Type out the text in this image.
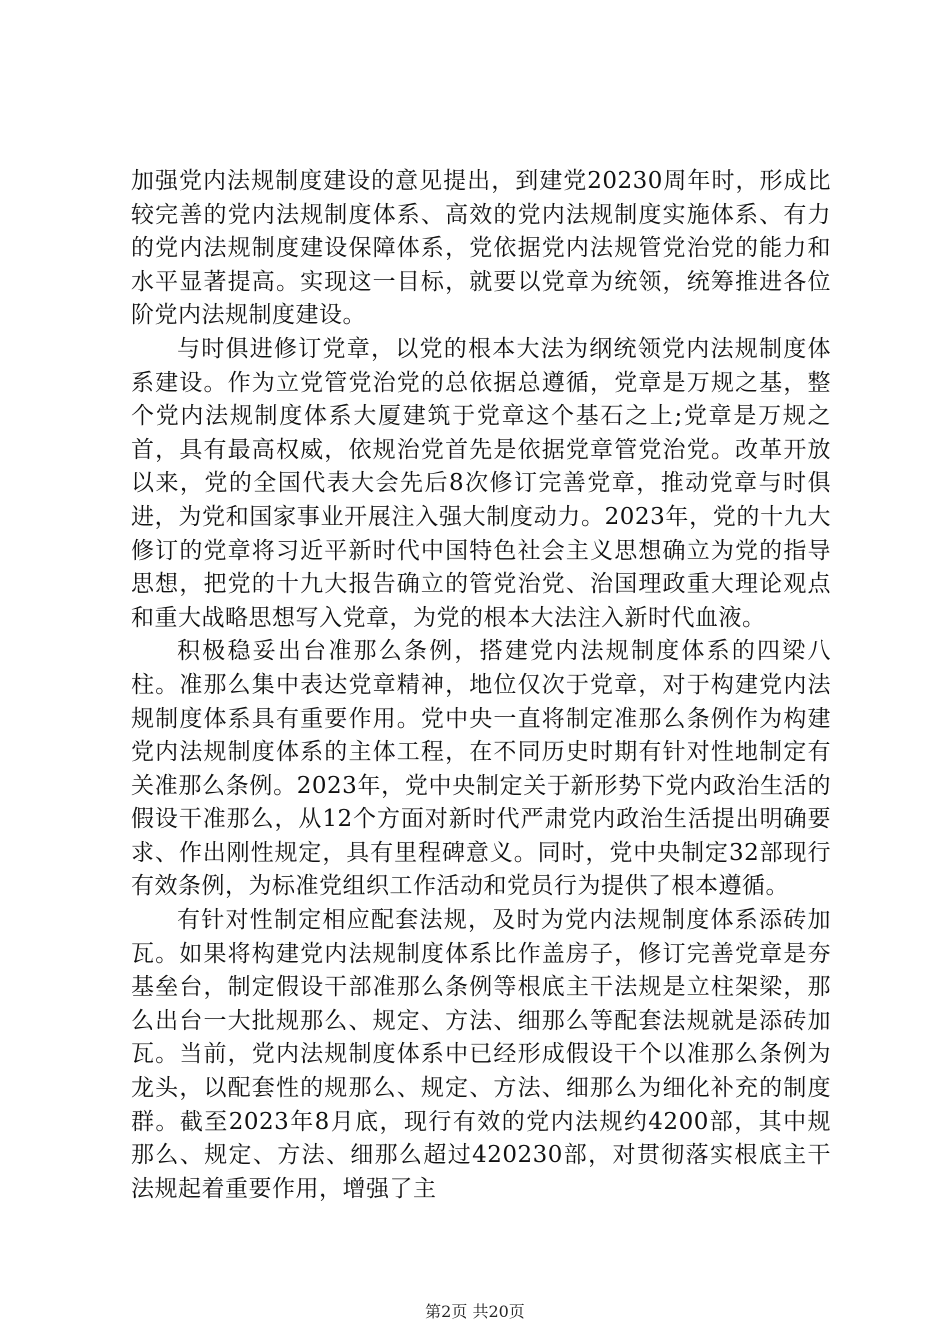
加强党内法规制度建设的意见提出，到建党20230周年时，形成比较完善的党内法规制度体系、高效的党内法规制度实施体系、有力的党内法规制度建设保障体系，党依据党内法规管党治党的能力和水平显著提高。实现这一目标，就要以党章为统领，统筹推进各位阶党内法规制度建设。

与时俱进修订党章，以党的根本大法为纲统领党内法规制度体系建设。作为立党管党治党的总依据总遵循，党章是万规之基，整个党内法规制度体系大厦建筑于党章这个基石之上;党章是万规之首，具有最高权威，依规治党首先是依据党章管党治党。改革开放以来，党的全国代表大会先后8次修订完善党章，推动党章与时俱进，为党和国家事业开展注入强大制度动力。2023年，党的十九大修订的党章将习近平新时代中国特色社会主义思想确立为党的指导思想，把党的十九大报告确立的管党治党、治国理政重大理论观点和重大战略思想写入党章，为党的根本大法注入新时代血液。

积极稳妥出台准那么条例，搭建党内法规制度体系的四梁八柱。准那么集中表达党章精神，地位仅次于党章，对于构建党内法规制度体系具有重要作用。党中央一直将制定准那么条例作为构建党内法规制度体系的主体工程，在不同历史时期有针对性地制定有关准那么条例。2023年，党中央制定关于新形势下党内政治生活的假设干准那么，从12个方面对新时代严肃党内政治生活提出明确要求、作出刚性规定，具有里程碑意义。同时，党中央制定32部现行有效条例，为标准党组织工作活动和党员行为提供了根本遵循。

有针对性制定相应配套法规，及时为党内法规制度体系添砖加瓦。如果将构建党内法规制度体系比作盖房子，修订完善党章是夯基垒台，制定假设干部准那么条例等根底主干法规是立柱架梁，那么出台一大批规那么、规定、方法、细那么等配套法规就是添砖加瓦。当前，党内法规制度体系中已经形成假设干个以准那么条例为龙头，以配套性的规那么、规定、方法、细那么为细化补充的制度群。截至2023年8月底，现行有效的党内法规约4200部，其中规那么、规定、方法、细那么超过420230部，对贯彻落实根底主干法规起着重要作用，增强了主

第2页 共20页
